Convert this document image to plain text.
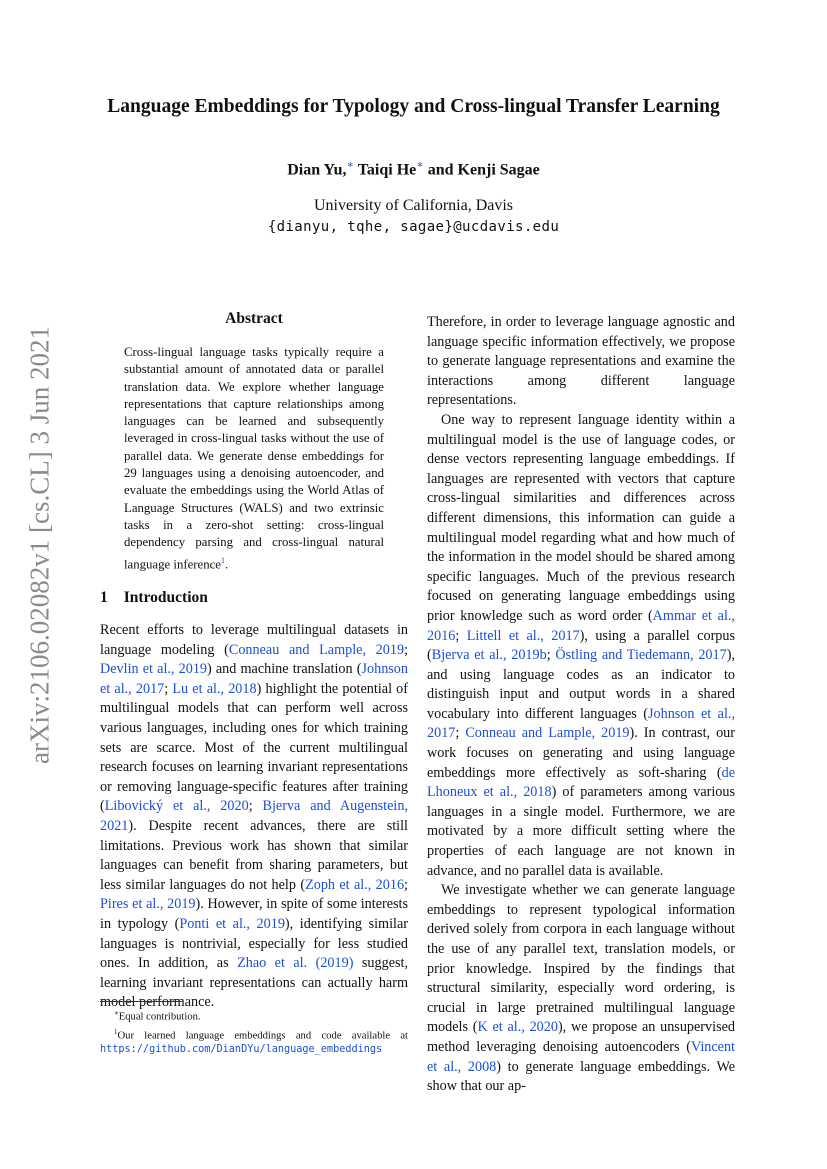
arXiv:2106.02082v1 [cs.CL] 3 Jun 2021
Language Embeddings for Typology and Cross-lingual Transfer Learning
Dian Yu,∗ Taiqi He∗ and Kenji Sagae
University of California, Davis
{dianyu, tqhe, sagae}@ucdavis.edu
Abstract
Cross-lingual language tasks typically require a substantial amount of annotated data or parallel translation data. We explore whether language representations that capture relationships among languages can be learned and subsequently leveraged in cross-lingual tasks without the use of parallel data. We generate dense embeddings for 29 languages using a denoising autoencoder, and evaluate the embeddings using the World Atlas of Language Structures (WALS) and two extrinsic tasks in a zero-shot setting: cross-lingual dependency parsing and cross-lingual natural language inference$^1$.
1 Introduction

Recent efforts to leverage multilingual datasets in language modeling (Conneau and Lample, 2019; Devlin et al., 2019) and machine translation (Johnson et al., 2017; Lu et al., 2018) highlight the potential of multilingual models that can perform well across various languages, including ones for which training sets are scarce. Most of the current multilingual research focuses on learning invariant representations or removing language-specific features after training (Libovický et al., 2020; Bjerva and Augenstein, 2021). Despite recent advances, there are still limitations. Previous work has shown that similar languages can benefit from sharing parameters, but less similar languages do not help (Zoph et al., 2016; Pires et al., 2019). However, in spite of some interests in typology (Ponti et al., 2019), identifying similar languages is nontrivial, especially for less studied ones. In addition, as Zhao et al. (2019) suggest, learning invariant representations can actually harm model performance.

∗Equal contribution.

$^1$Our learned language embeddings and code available at https://github.com/DianDYu/language_embeddings

Therefore, in order to leverage language agnostic and language specific information effectively, we propose to generate language representations and examine the interactions among different language representations.

One way to represent language identity within a multilingual model is the use of language codes, or dense vectors representing language embeddings. If languages are represented with vectors that capture cross-lingual similarities and differences across different dimensions, this information can guide a multilingual model regarding what and how much of the information in the model should be shared among specific languages. Much of the previous research focused on generating language embeddings using prior knowledge such as word order (Ammar et al., 2016; Littell et al., 2017), using a parallel corpus (Bjerva et al., 2019b; Östling and Tiedemann, 2017), and using language codes as an indicator to distinguish input and output words in a shared vocabulary into different languages (Johnson et al., 2017; Conneau and Lample, 2019). In contrast, our work focuses on generating and using language embeddings more effectively as soft-sharing (de Lhoneux et al., 2018) of parameters among various languages in a single model. Furthermore, we are motivated by a more difficult setting where the properties of each language are not known in advance, and no parallel data is available.

We investigate whether we can generate language embeddings to represent typological information derived solely from corpora in each language without the use of any parallel text, translation models, or prior knowledge. Inspired by the findings that structural similarity, especially word ordering, is crucial in large pretrained multilingual language models (K et al., 2020), we propose an unsupervised method leveraging denoising autoencoders (Vincent et al., 2008) to generate language embeddings. We show that our ap-
